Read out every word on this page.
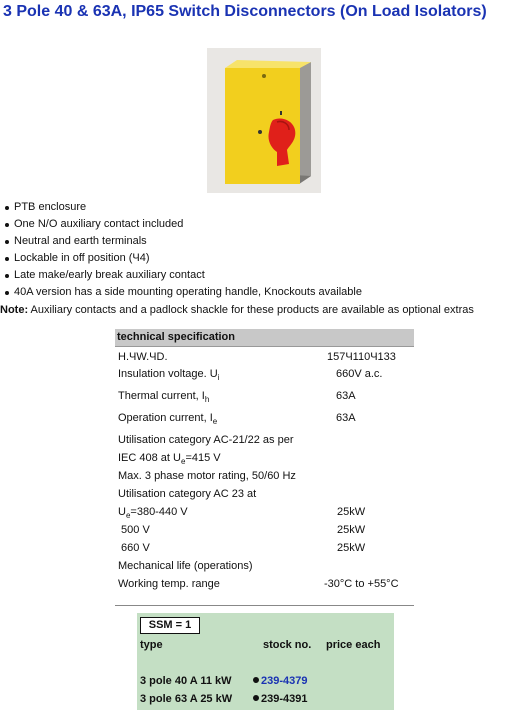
3 Pole 40 & 63A, IP65 Switch Disconnectors (On Load Isolators)
PTB enclosure
One N/O auxiliary contact included
Neutral and earth terminals
Lockable in off position (Ч4)
Late make/early break auxiliary contact
40A version has a side mounting operating handle, Knockouts available
Note: Auxiliary contacts and a padlock shackle for these products are available as optional extras
technical specification
Н.ЧW.ЧD.	157Ч110Ч133
Insulation voltage. $U_i$	660V a.c.
Thermal current, $I_h$	63A
Operation current, $I_e$	63A
Utilisation category AC-21/22 as per
IEC 408 at $U_e=415$ V
Max. 3 phase motor rating, 50/60 Hz
Utilisation category AC 23 at
$U_e=380-440$ V	25kW
500 V	25kW
660 V	25kW
Mechanical life (operations)
Working temp. range	-30°C to +55°C
SSM = 1
type	stock no. price each
3 pole 40 A 11 kW	239-4379
3 pole 63 A 25 kW	239-4391
